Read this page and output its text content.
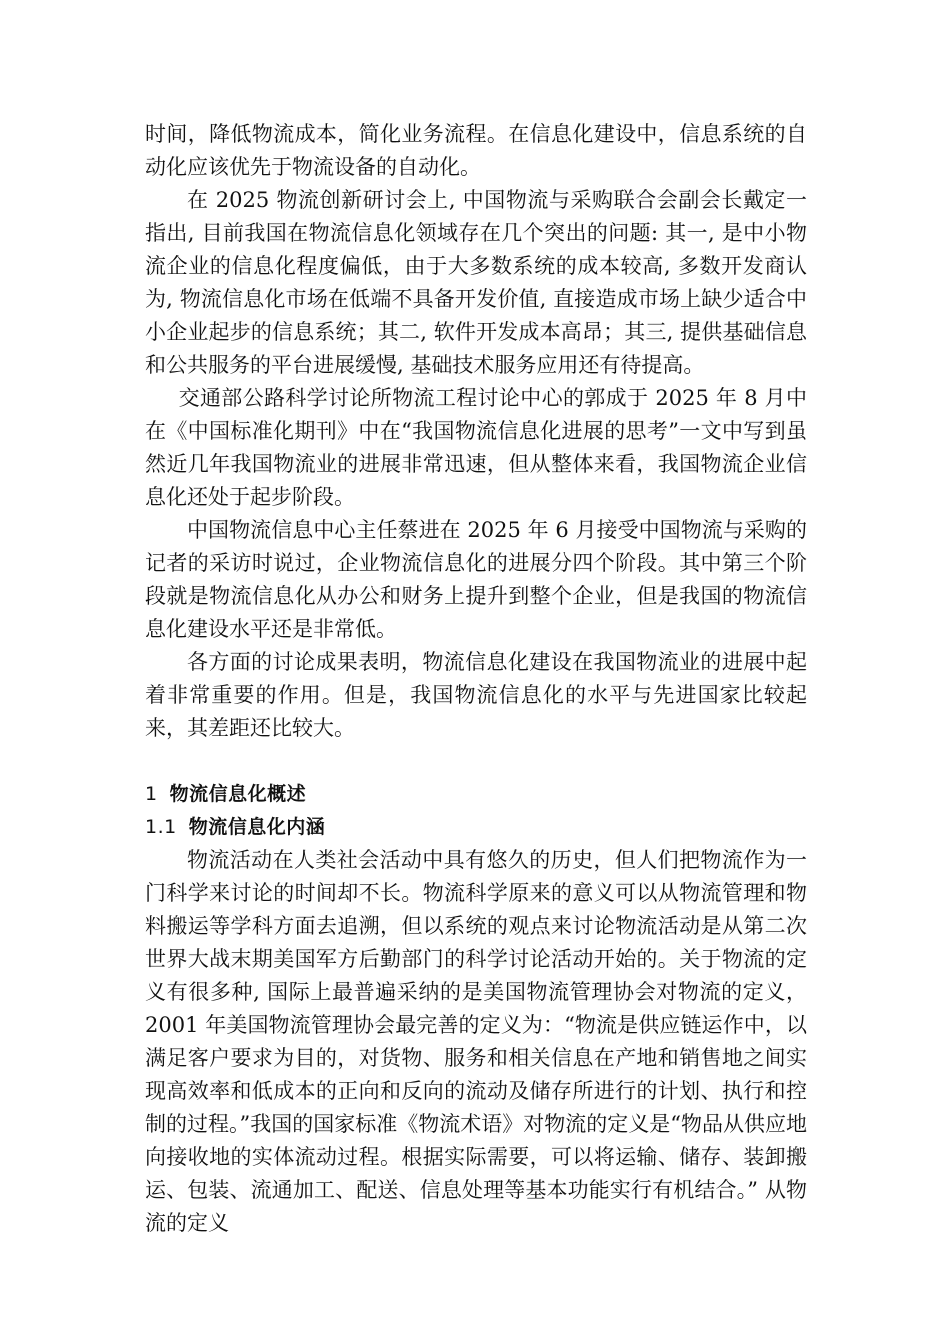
时间，降低物流成本，简化业务流程。在信息化建设中，信息系统的自动化应该优先于物流设备的自动化。

在 2025 物流创新研讨会上, 中国物流与采购联合会副会长戴定一指出, 目前我国在物流信息化领域存在几个突出的问题: 其一, 是中小物流企业的信息化程度偏低，由于大多数系统的成本较高, 多数开发商认为, 物流信息化市场在低端不具备开发价值, 直接造成市场上缺少适合中小企业起步的信息系统；其二, 软件开发成本高昂；其三, 提供基础信息和公共服务的平台进展缓慢, 基础技术服务应用还有待提高。

交通部公路科学讨论所物流工程讨论中心的郭成于 2025 年 8 月中在《中国标准化期刊》中在“我国物流信息化进展的思考”一文中写到虽然近几年我国物流业的进展非常迅速，但从整体来看，我国物流企业信息化还处于起步阶段。

中国物流信息中心主任蔡进在 2025 年 6 月接受中国物流与采购的记者的采访时说过，企业物流信息化的进展分四个阶段。其中第三个阶段就是物流信息化从办公和财务上提升到整个企业，但是我国的物流信息化建设水平还是非常低。

各方面的讨论成果表明，物流信息化建设在我国物流业的进展中起着非常重要的作用。但是，我国物流信息化的水平与先进国家比较起来，其差距还比较大。

1 物流信息化概述
1.1 物流信息化内涵

物流活动在人类社会活动中具有悠久的历史，但人们把物流作为一门科学来讨论的时间却不长。物流科学原来的意义可以从物流管理和物料搬运等学科方面去追溯，但以系统的观点来讨论物流活动是从第二次世界大战末期美国军方后勤部门的科学讨论活动开始的。关于物流的定义有很多种, 国际上最普遍采纳的是美国物流管理协会对物流的定义， 2001 年美国物流管理协会最完善的定义为：“物流是供应链运作中，以满足客户要求为目的，对货物、服务和相关信息在产地和销售地之间实现高效率和低成本的正向和反向的流动及储存所进行的计划、执行和控制的过程。”我国的国家标准《物流术语》对物流的定义是“物品从供应地向接收地的实体流动过程。根据实际需要，可以将运输、储存、装卸搬运、包装、流通加工、配送、信息处理等基本功能实行有机结合。” 从物流的定义
